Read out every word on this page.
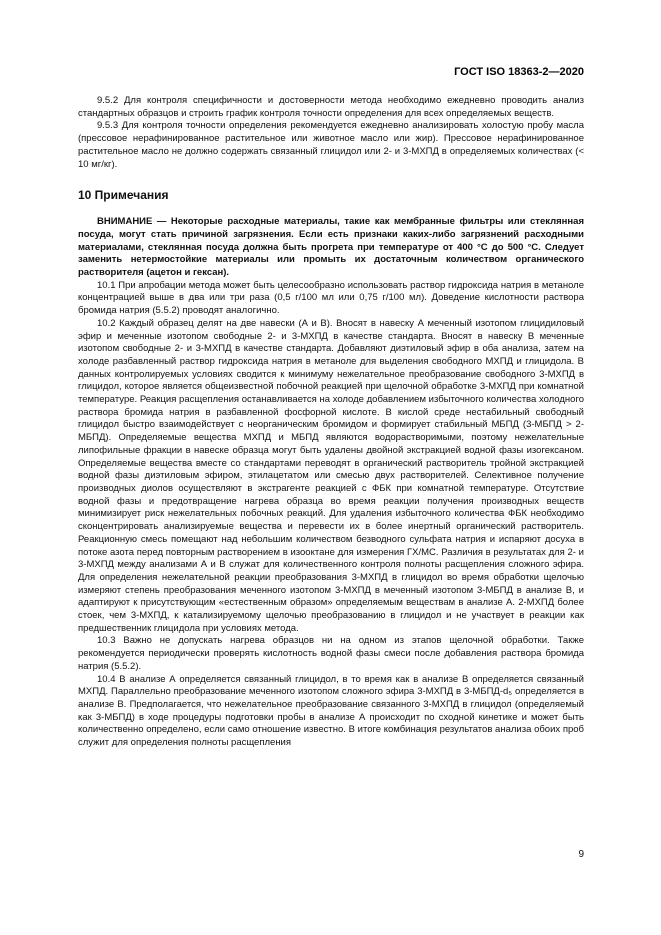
ГОСТ ISO 18363-2—2020

9.5.2 Для контроля специфичности и достоверности метода необходимо ежедневно проводить анализ стандартных образцов и строить график контроля точности определения для всех определяемых веществ.

9.5.3 Для контроля точности определения рекомендуется ежедневно анализировать холостую пробу масла (прессовое нерафинированное растительное или животное масло или жир). Прессовое нерафинированное растительное масло не должно содержать связанный глицидол или 2- и 3-МХПД в определяемых количествах (< 10 мг/кг).

10 Примечания

ВНИМАНИЕ — Некоторые расходные материалы, такие как мембранные фильтры или стеклянная посуда, могут стать причиной загрязнения. Если есть признаки каких-либо загрязнений расходными материалами, стеклянная посуда должна быть прогрета при температуре от 400 °С до 500 °С. Следует заменить нетермостойкие материалы или промыть их достаточным количеством органического растворителя (ацетон и гексан).

10.1 При апробации метода может быть целесообразно использовать раствор гидроксида натрия в метаноле концентрацией выше в два или три раза (0,5 г/100 мл или 0,75 г/100 мл). Доведение кислотности раствора бромида натрия (5.5.2) проводят аналогично.

10.2 Каждый образец делят на две навески (А и В). Вносят в навеску А меченный изотопом глицидиловый эфир и меченные изотопом свободные 2- и 3-МХПД в качестве стандарта. Вносят в навеску В меченные изотопом свободные 2- и 3-МХПД в качестве стандарта. Добавляют диэтиловый эфир в оба анализа, затем на холоде разбавленный раствор гидроксида натрия в метаноле для выделения свободного МХПД и глицидола. В данных контролируемых условиях сводится к минимуму нежелательное преобразование свободного 3-МХПД в глицидол, которое является общеизвестной побочной реакцией при щелочной обработке 3-МХПД при комнатной температуре. Реакция расщепления останавливается на холоде добавлением избыточного количества холодного раствора бромида натрия в разбавленной фосфорной кислоте. В кислой среде нестабильный свободный глицидол быстро взаимодействует с неорганическим бромидом и формирует стабильный МБПД (3-МБПД > 2-МБПД). Определяемые вещества МХПД и МБПД являются водорастворимыми, поэтому нежелательные липофильные фракции в навеске образца могут быть удалены двойной экстракцией водной фазы изогексаном. Определяемые вещества вместе со стандартами переводят в органический растворитель тройной экстракцией водной фазы диэтиловым эфиром, этилацетатом или смесью двух растворителей. Селективное получение производных диолов осуществляют в экстрагенте реакцией с ФБК при комнатной температуре. Отсутствие водной фазы и предотвращение нагрева образца во время реакции получения производных веществ минимизирует риск нежелательных побочных реакций. Для удаления избыточного количества ФБК необходимо сконцентрировать анализируемые вещества и перевести их в более инертный органический растворитель. Реакционную смесь помещают над небольшим количеством безводного сульфата натрия и испаряют досуха в потоке азота перед повторным растворением в изооктане для измерения ГХ/МС. Различия в результатах для 2- и 3-МХПД между анализами А и В служат для количественного контроля полноты расщепления сложного эфира. Для определения нежелательной реакции преобразования 3-МХПД в глицидол во время обработки щелочью измеряют степень преобразования меченного изотопом 3-МХПД в меченный изотопом 3-МБПД в анализе В, и адаптируют к присутствующим «естественным образом» определяемым веществам в анализе А. 2-МХПД более стоек, чем 3-МХПД, к катализируемому щелочью преобразованию в глицидол и не участвует в реакции как предшественник глицидола при условиях метода.

10.3 Важно не допускать нагрева образцов ни на одном из этапов щелочной обработки. Также рекомендуется периодически проверять кислотность водной фазы смеси после добавления раствора бромида натрия (5.5.2).

10.4 В анализе А определяется связанный глицидол, в то время как в анализе В определяется связанный МХПД. Параллельно преобразование меченного изотопом сложного эфира 3-МХПД в 3-МБПД-d₅ определяется в анализе В. Предполагается, что нежелательное преобразование связанного 3-МХПД в глицидол (определяемый как 3-МБПД) в ходе процедуры подготовки пробы в анализе А происходит по сходной кинетике и может быть количественно определено, если само отношение известно. В итоге комбинация результатов анализа обоих проб служит для определения полноты расщепления

9
